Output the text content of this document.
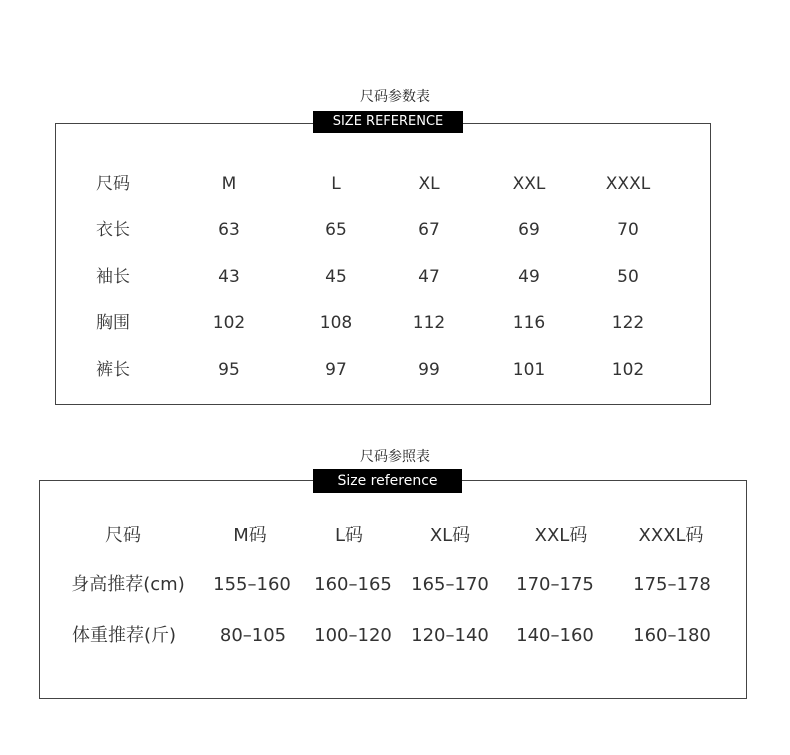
尺码参数表
尺码	M	L	XL	XXL	XXXL
衣长	63	65	67	69	70
袖长	43	45	47	49	50
胸围	102	108	112	116	122
裤长	95	97	99	101	102
SIZE REFERENCE
尺码参照表
尺码	M码	L码	XL码	XXL码	XXXL码
身高推荐(cm) 155–160 160–165 165–170 170–175 175–178
体重推荐(斤) 80–105 100–120 120–140 140–160 160–180
Size reference
